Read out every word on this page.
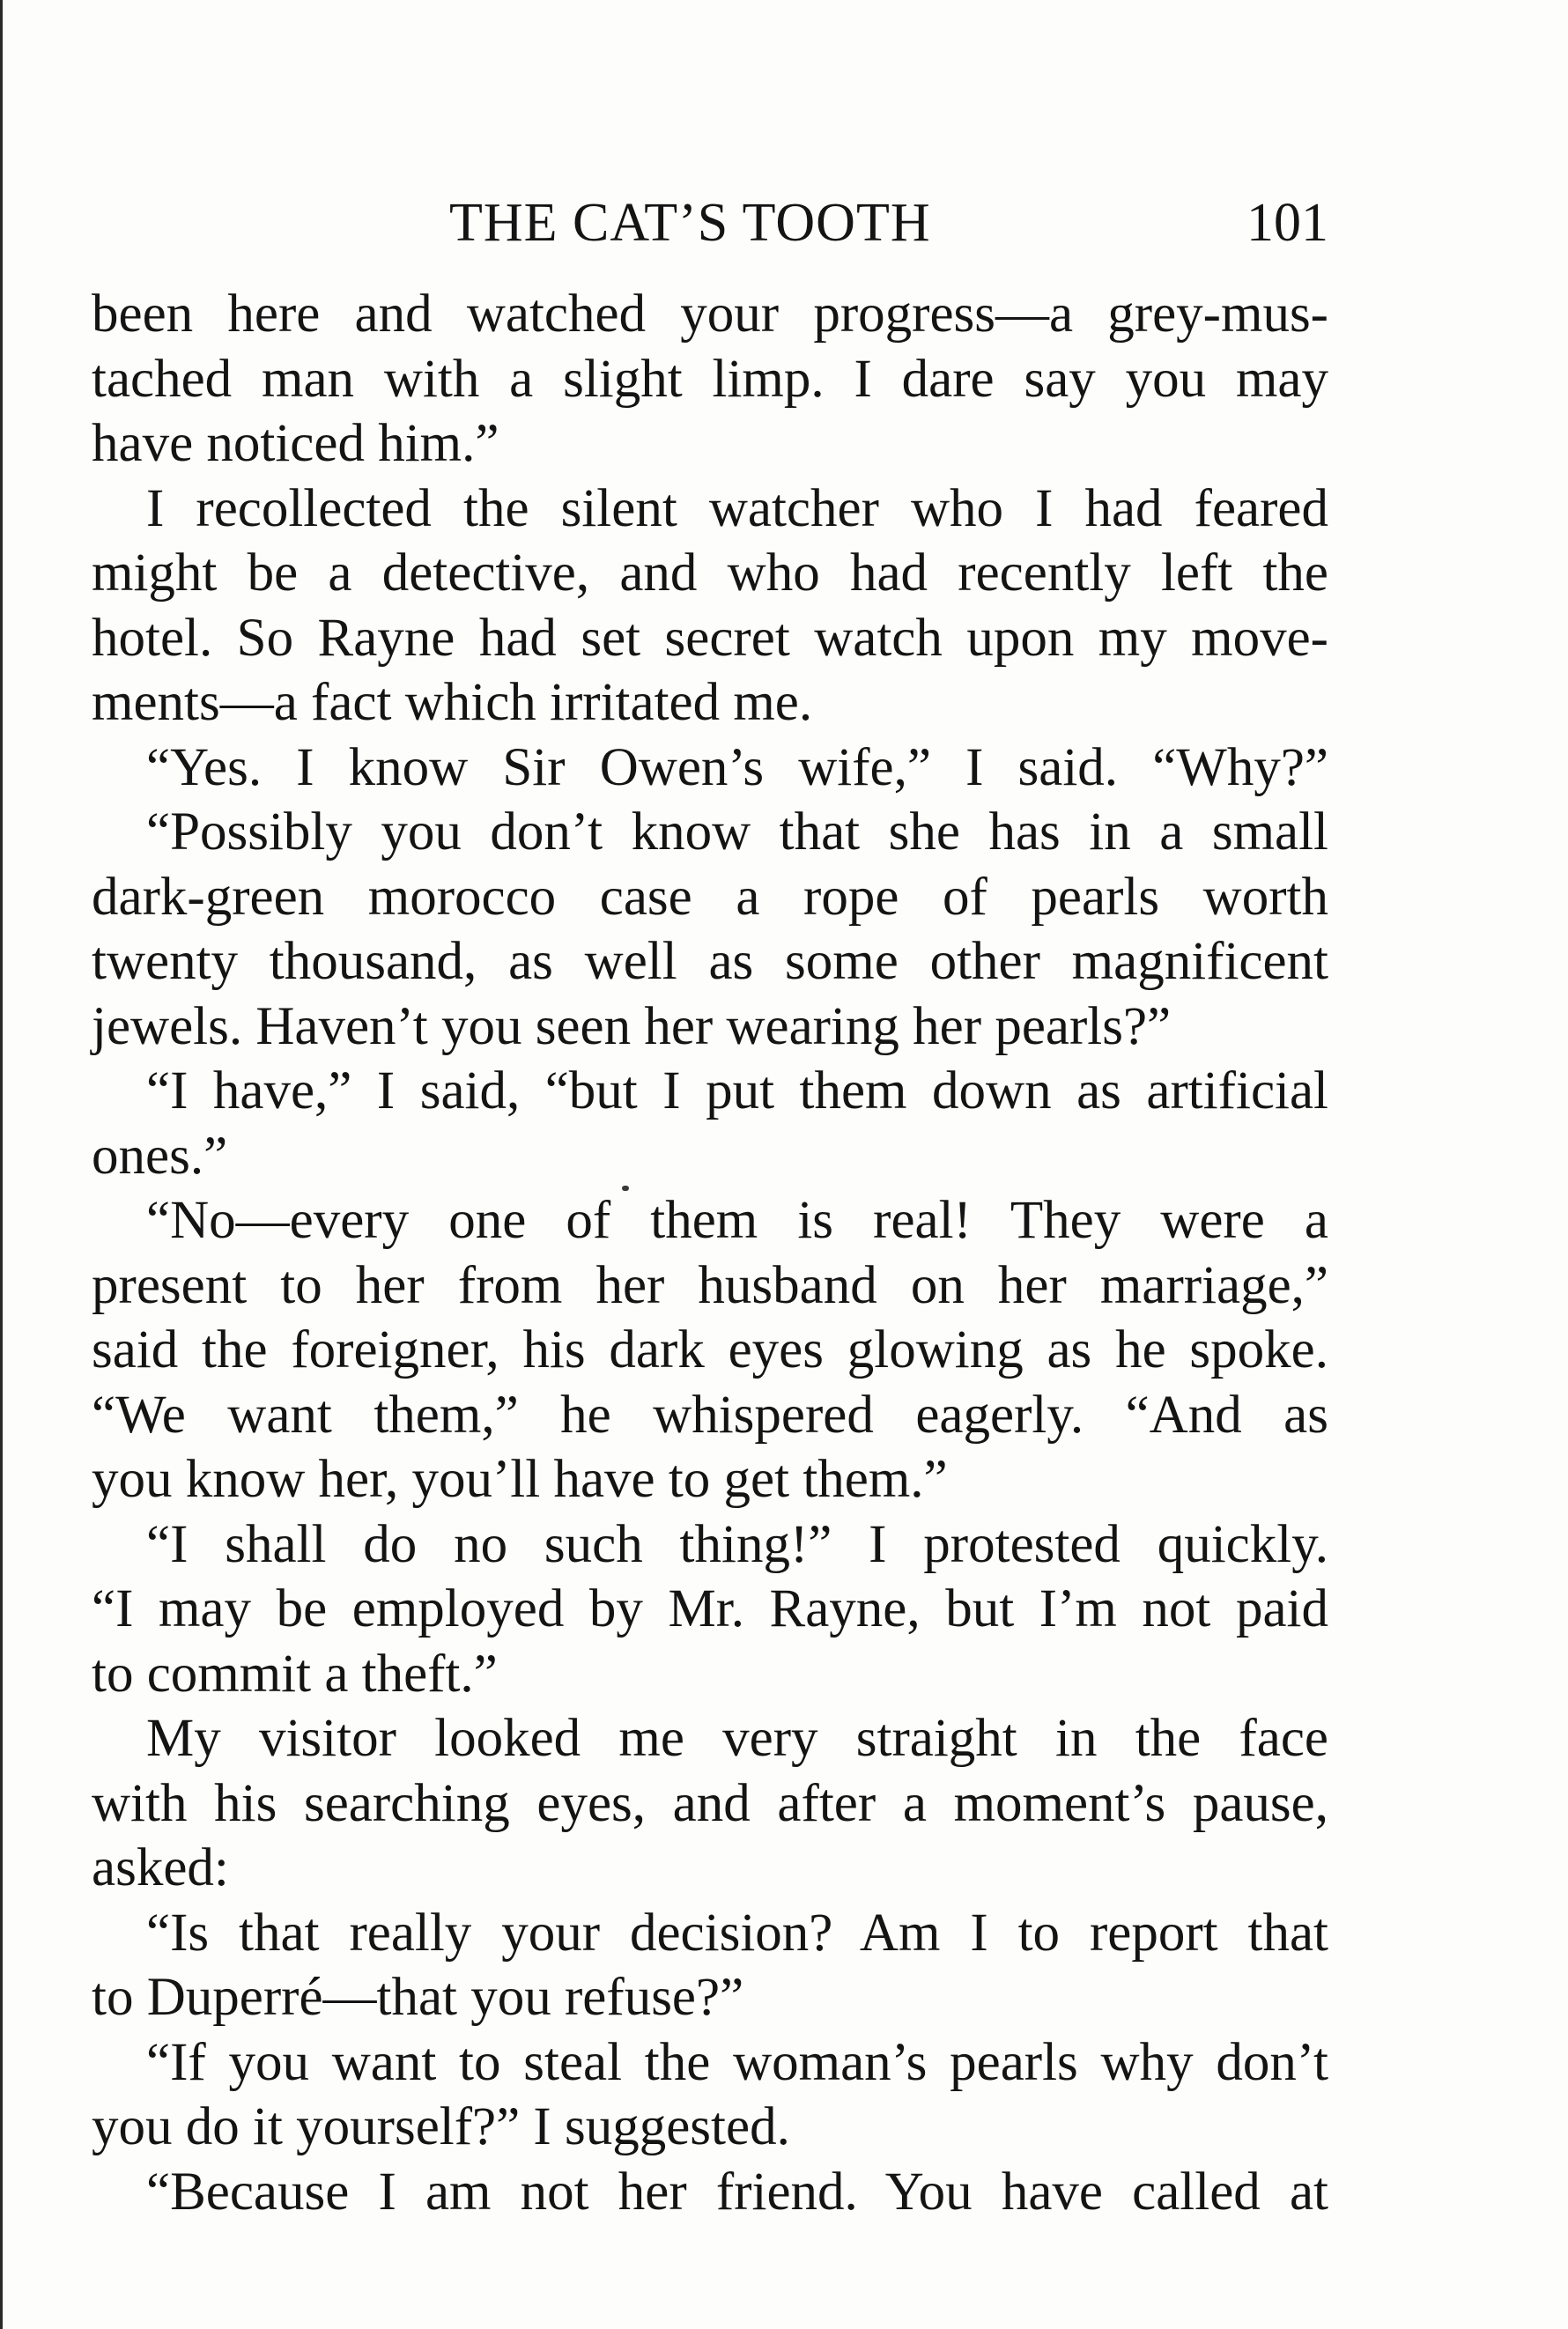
THE CAT’S TOOTH	101
been here and watched your progress—a grey-mus-
tached man with a slight limp. I dare say you may
have noticed him.”
I recollected the silent watcher who I had feared
might be a detective, and who had recently left the
hotel. So Rayne had set secret watch upon my move-
ments—a fact which irritated me.
“Yes. I know Sir Owen’s wife,” I said. “Why?”
“Possibly you don’t know that she has in a small
dark-green morocco case a rope of pearls worth
twenty thousand, as well as some other magnificent
jewels. Haven’t you seen her wearing her pearls?”
“I have,” I said, “but I put them down as artificial
ones.”
“No—every one of them is real! They were a
present to her from her husband on her marriage,”
said the foreigner, his dark eyes glowing as he spoke.
“We want them,” he whispered eagerly. “And as
you know her, you’ll have to get them.”
“I shall do no such thing!” I protested quickly.
“I may be employed by Mr. Rayne, but I’m not paid
to commit a theft.”
My visitor looked me very straight in the face
with his searching eyes, and after a moment’s pause,
asked:
“Is that really your decision? Am I to report that
to Duperré—that you refuse?”
“If you want to steal the woman’s pearls why don’t
you do it yourself?” I suggested.
“Because I am not her friend. You have called at
